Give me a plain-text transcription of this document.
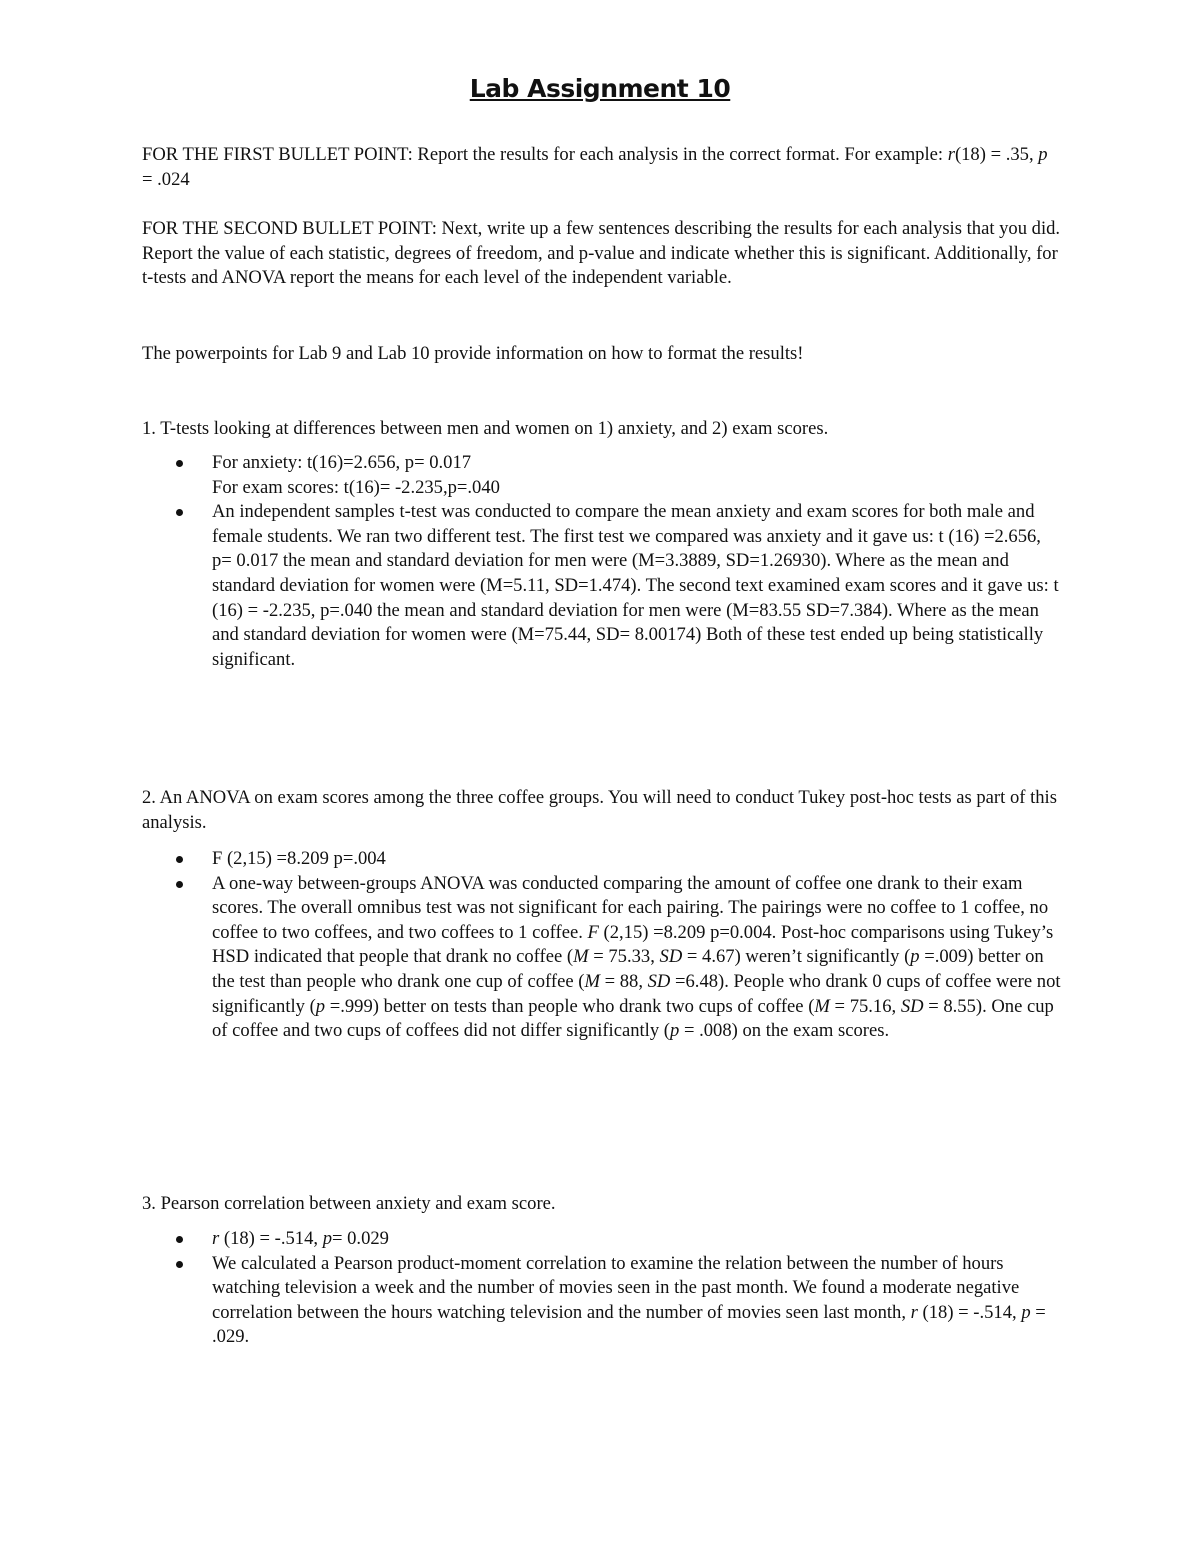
Lab Assignment 10

FOR THE FIRST BULLET POINT: Report the results for each analysis in the correct format. For example: r(18) = .35, p = .024

FOR THE SECOND BULLET POINT: Next, write up a few sentences describing the results for each analysis that you did. Report the value of each statistic, degrees of freedom, and p-value and indicate whether this is significant. Additionally, for t-tests and ANOVA report the means for each level of the independent variable.

The powerpoints for Lab 9 and Lab 10 provide information on how to format the results!

1. T-tests looking at differences between men and women on 1) anxiety, and 2) exam scores.

For anxiety: t(16)=2.656, p= 0.017
For exam scores: t(16)= -2.235,p=.040
An independent samples t-test was conducted to compare the mean anxiety and exam scores for both male and female students. We ran two different test. The first test we compared was anxiety and it gave us: t (16) =2.656, p= 0.017 the mean and standard deviation for men were (M=3.3889, SD=1.26930). Where as the mean and standard deviation for women were (M=5.11, SD=1.474). The second text examined exam scores and it gave us: t (16) = -2.235, p=.040 the mean and standard deviation for men were (M=83.55 SD=7.384). Where as the mean and standard deviation for women were (M=75.44, SD= 8.00174) Both of these test ended up being statistically significant.

2. An ANOVA on exam scores among the three coffee groups. You will need to conduct Tukey post-hoc tests as part of this analysis.

F (2,15) =8.209 p=.004
A one-way between-groups ANOVA was conducted comparing the amount of coffee one drank to their exam scores. The overall omnibus test was not significant for each pairing. The pairings were no coffee to 1 coffee, no coffee to two coffees, and two coffees to 1 coffee. F (2,15) =8.209 p=0.004. Post-hoc comparisons using Tukey’s HSD indicated that people that drank no coffee (M = 75.33, SD = 4.67) weren’t significantly (p =.009) better on the test than people who drank one cup of coffee (M = 88, SD =6.48). People who drank 0 cups of coffee were not significantly (p =.999) better on tests than people who drank two cups of coffee (M = 75.16, SD = 8.55). One cup of coffee and two cups of coffees did not differ significantly (p = .008) on the exam scores.

3. Pearson correlation between anxiety and exam score.

r (18) = -.514, p= 0.029
We calculated a Pearson product-moment correlation to examine the relation between the number of hours watching television a week and the number of movies seen in the past month. We found a moderate negative correlation between the hours watching television and the number of movies seen last month, r (18) = -.514, p = .029.
